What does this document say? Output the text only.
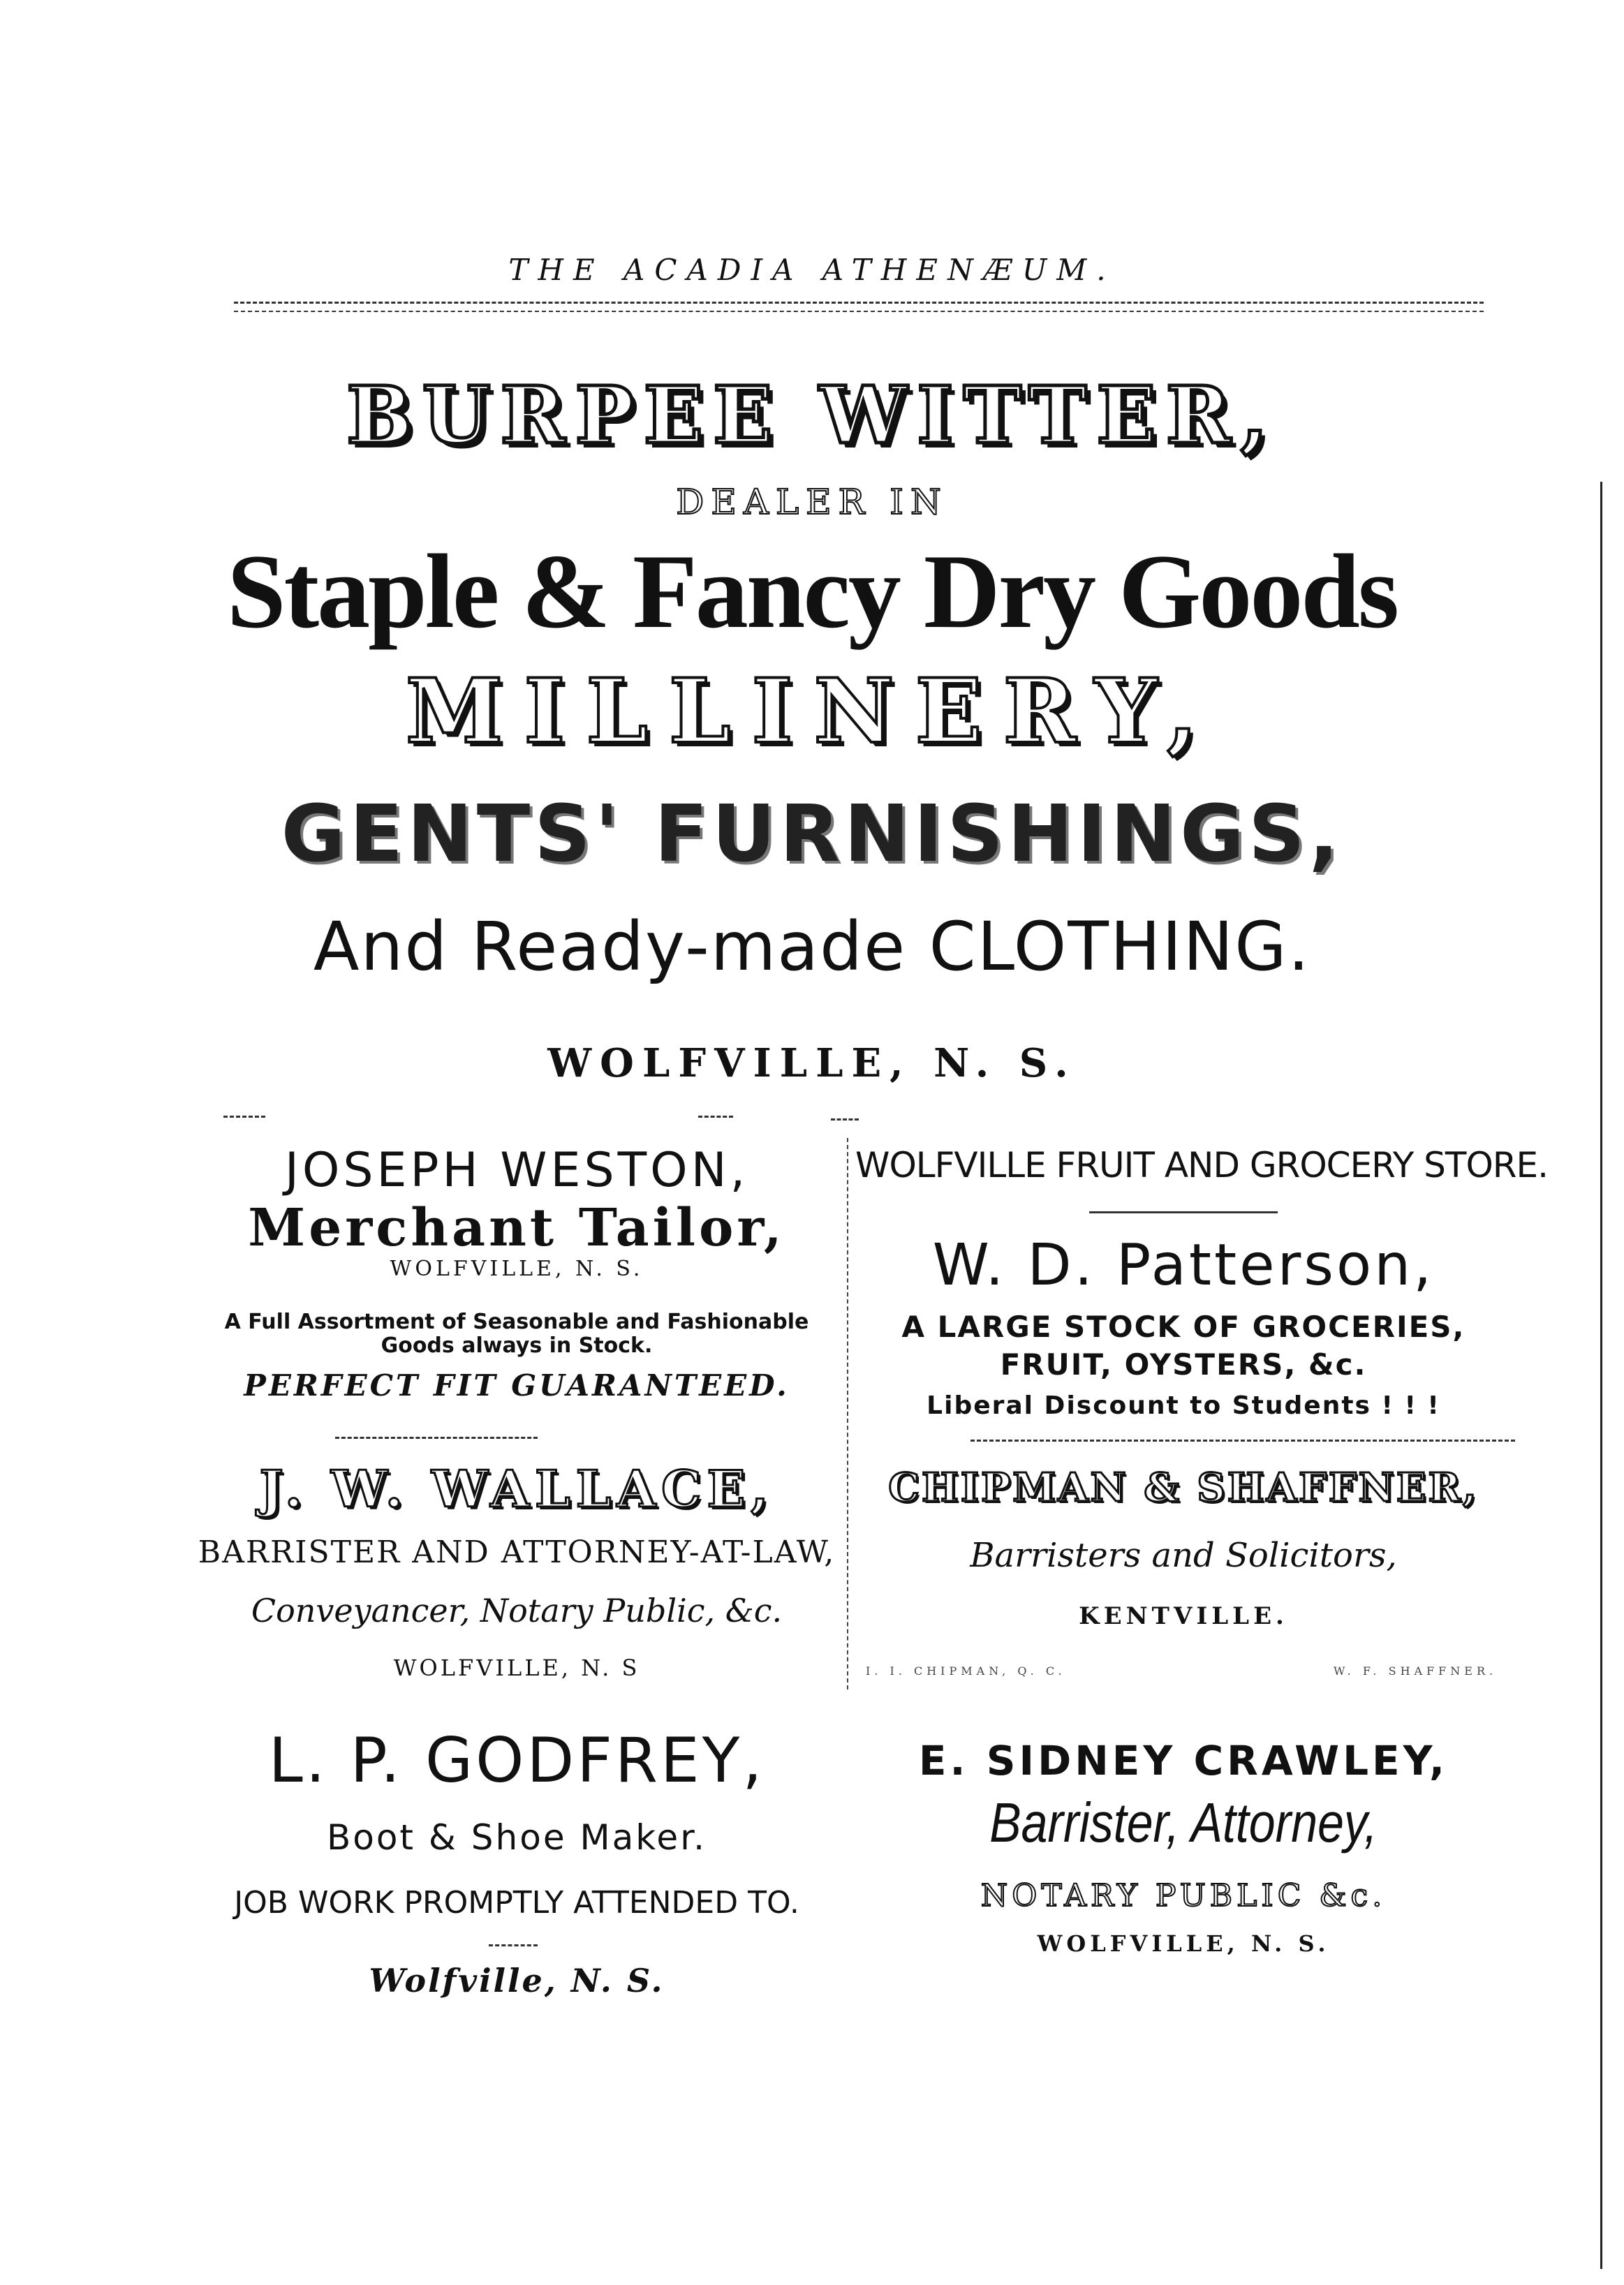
THE ACADIA ATHENÆUM.
BURPEE WITTER,
DEALER IN
Staple & Fancy Dry Goods
MILLINERY,
GENTS' FURNISHINGS,
And Ready-made CLOTHING.
WOLFVILLE, N. S.
JOSEPH WESTON,
Merchant Tailor,
WOLFVILLE, N. S.
A Full Assortment of Seasonable and Fashionable Goods always in Stock.
PERFECT FIT GUARANTEED.
WOLFVILLE FRUIT AND GROCERY STORE.
W. D. Patterson,
A LARGE STOCK OF GROCERIES,
FRUIT, OYSTERS, &c.
Liberal Discount to Students ! ! !
J. W. WALLACE,
BARRISTER AND ATTORNEY-AT-LAW,
Conveyancer, Notary Public, &c.
WOLFVILLE, N. S
CHIPMAN & SHAFFNER,
Barristers and Solicitors,
KENTVILLE.
I. I. CHIPMAN, Q. C.	W. F. SHAFFNER.
L. P. GODFREY,
Boot & Shoe Maker.
JOB WORK PROMPTLY ATTENDED TO.
Wolfville, N. S.
E. SIDNEY CRAWLEY,
Barrister, Attorney,
NOTARY PUBLIC &c.
WOLFVILLE, N. S.
